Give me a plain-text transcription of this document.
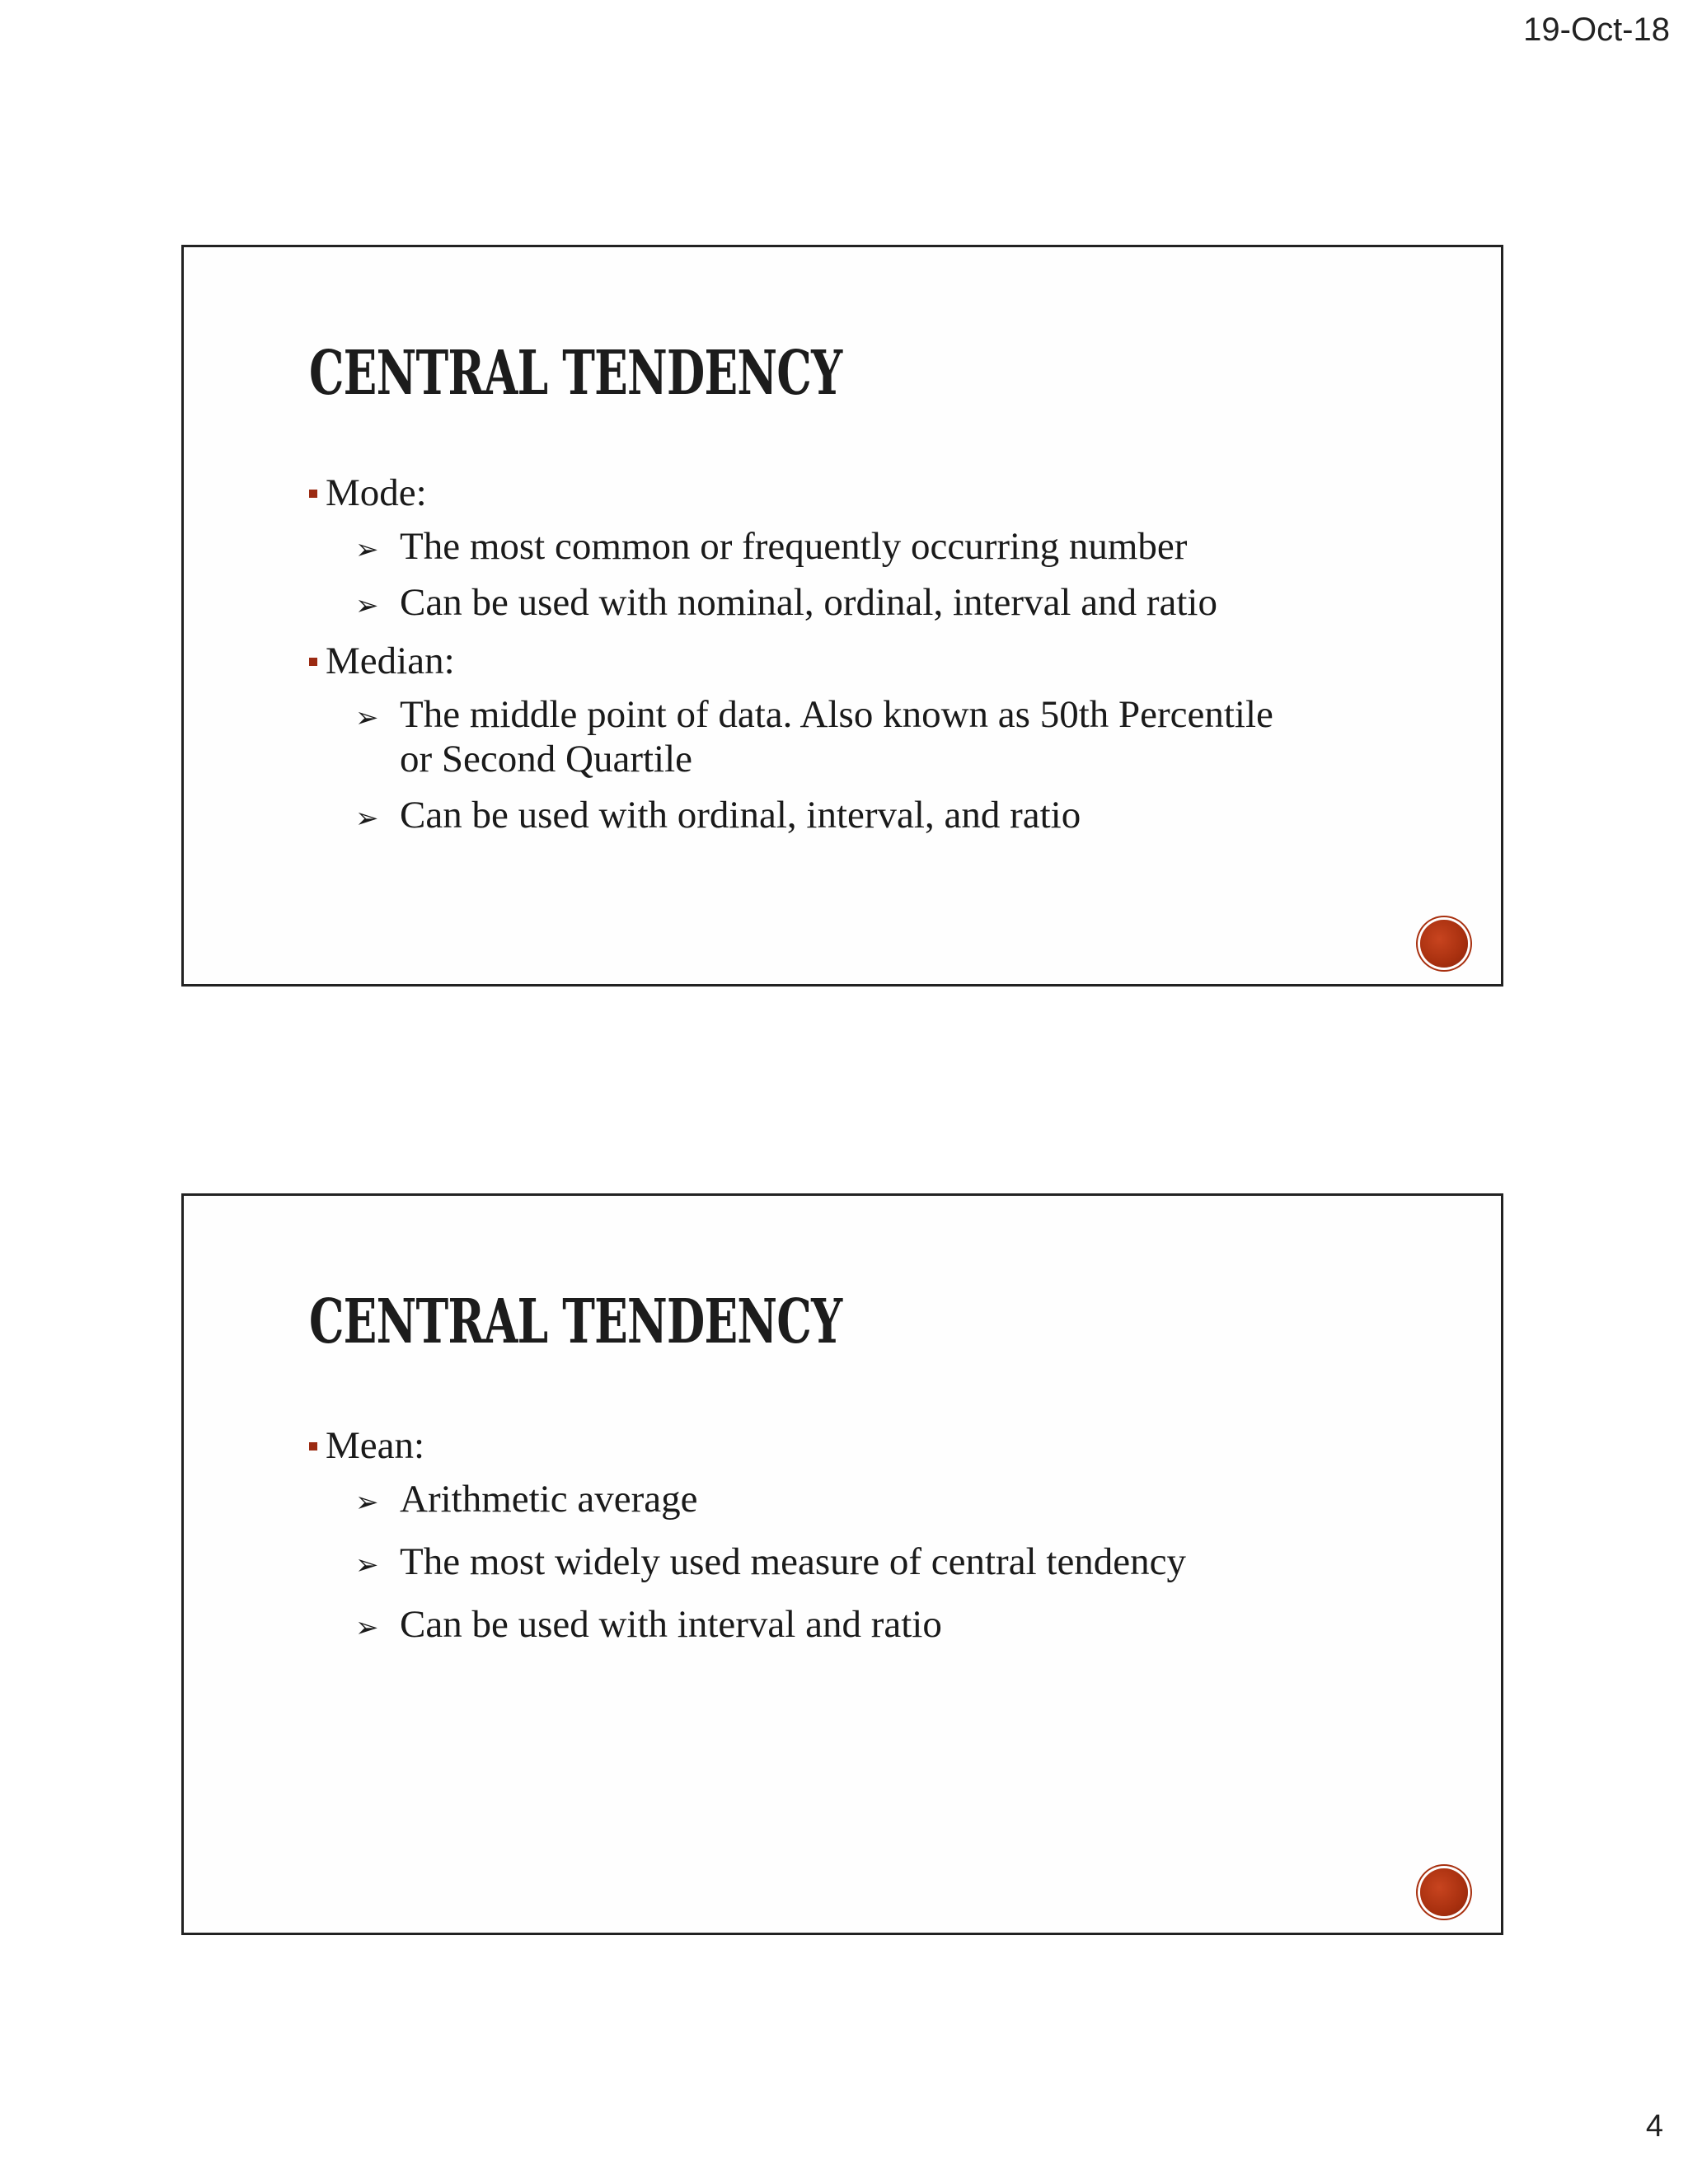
19-Oct-18
CENTRAL TENDENCY
Mode:
➢ The most common or frequently occurring number
➢ Can be used with nominal, ordinal, interval and ratio
Median:
➢ The middle point of data. Also known as 50th Percentile or Second Quartile
➢ Can be used with ordinal, interval, and ratio
CENTRAL TENDENCY
Mean:
➢ Arithmetic average
➢ The most widely used measure of central tendency
➢ Can be used with interval and ratio
4
